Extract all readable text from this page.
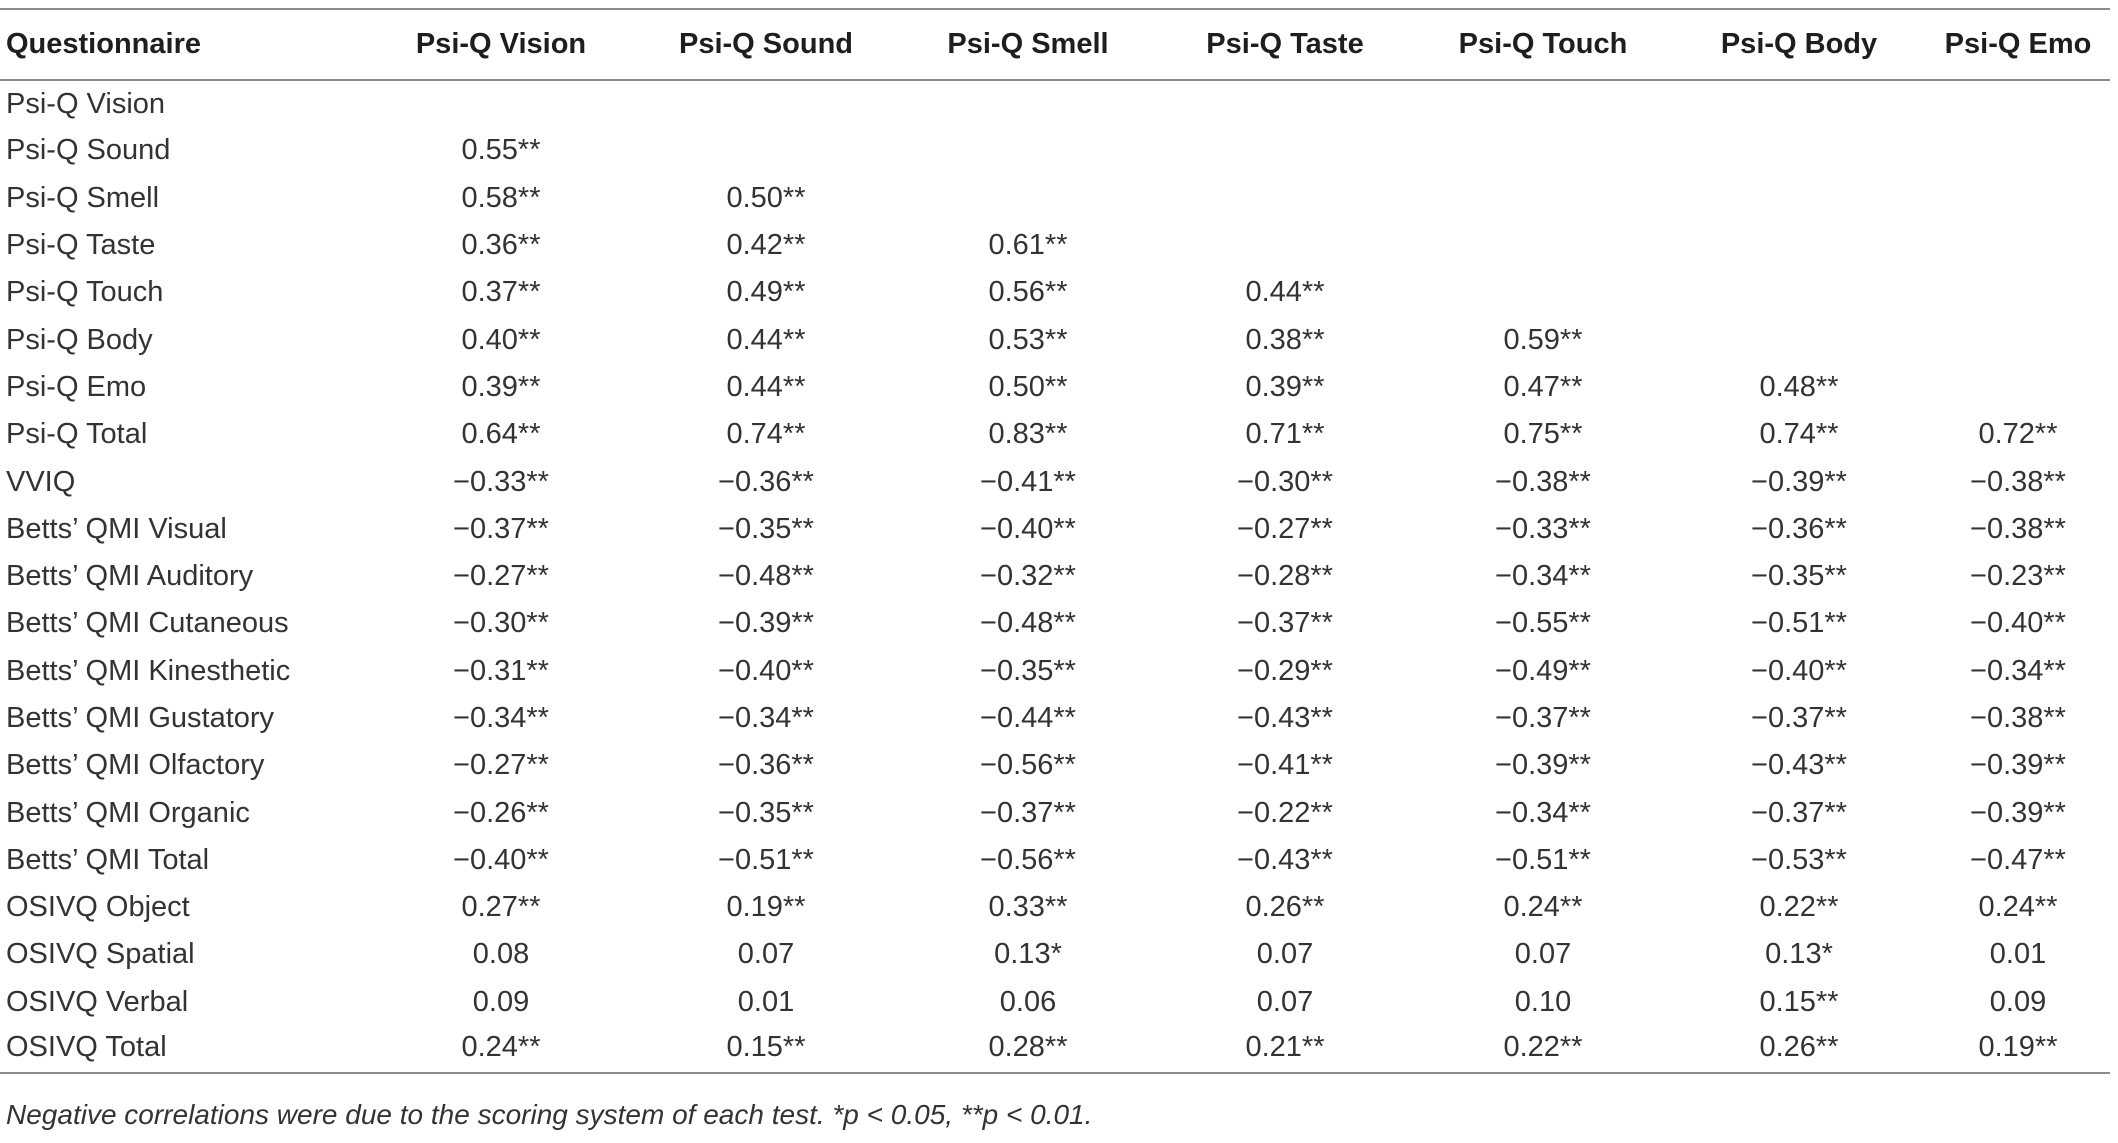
Questionnaire	Psi-Q Vision	Psi-Q Sound	Psi-Q Smell	Psi-Q Taste	Psi-Q Touch	Psi-Q Body	Psi-Q Emo
Psi-Q Vision							
Psi-Q Sound	0.55**						
Psi-Q Smell	0.58**	0.50**					
Psi-Q Taste	0.36**	0.42**	0.61**				
Psi-Q Touch	0.37**	0.49**	0.56**	0.44**			
Psi-Q Body	0.40**	0.44**	0.53**	0.38**	0.59**		
Psi-Q Emo	0.39**	0.44**	0.50**	0.39**	0.47**	0.48**	
Psi-Q Total	0.64**	0.74**	0.83**	0.71**	0.75**	0.74**	0.72**
VVIQ	−0.33**	−0.36**	−0.41**	−0.30**	−0.38**	−0.39**	−0.38**
Betts’ QMI Visual	−0.37**	−0.35**	−0.40**	−0.27**	−0.33**	−0.36**	−0.38**
Betts’ QMI Auditory	−0.27**	−0.48**	−0.32**	−0.28**	−0.34**	−0.35**	−0.23**
Betts’ QMI Cutaneous	−0.30**	−0.39**	−0.48**	−0.37**	−0.55**	−0.51**	−0.40**
Betts’ QMI Kinesthetic	−0.31**	−0.40**	−0.35**	−0.29**	−0.49**	−0.40**	−0.34**
Betts’ QMI Gustatory	−0.34**	−0.34**	−0.44**	−0.43**	−0.37**	−0.37**	−0.38**
Betts’ QMI Olfactory	−0.27**	−0.36**	−0.56**	−0.41**	−0.39**	−0.43**	−0.39**
Betts’ QMI Organic	−0.26**	−0.35**	−0.37**	−0.22**	−0.34**	−0.37**	−0.39**
Betts’ QMI Total	−0.40**	−0.51**	−0.56**	−0.43**	−0.51**	−0.53**	−0.47**
OSIVQ Object	0.27**	0.19**	0.33**	0.26**	0.24**	0.22**	0.24**
OSIVQ Spatial	0.08	0.07	0.13*	0.07	0.07	0.13*	0.01
OSIVQ Verbal	0.09	0.01	0.06	0.07	0.10	0.15**	0.09
OSIVQ Total	0.24**	0.15**	0.28**	0.21**	0.22**	0.26**	0.19**
Negative correlations were due to the scoring system of each test. *p < 0.05, **p < 0.01.
